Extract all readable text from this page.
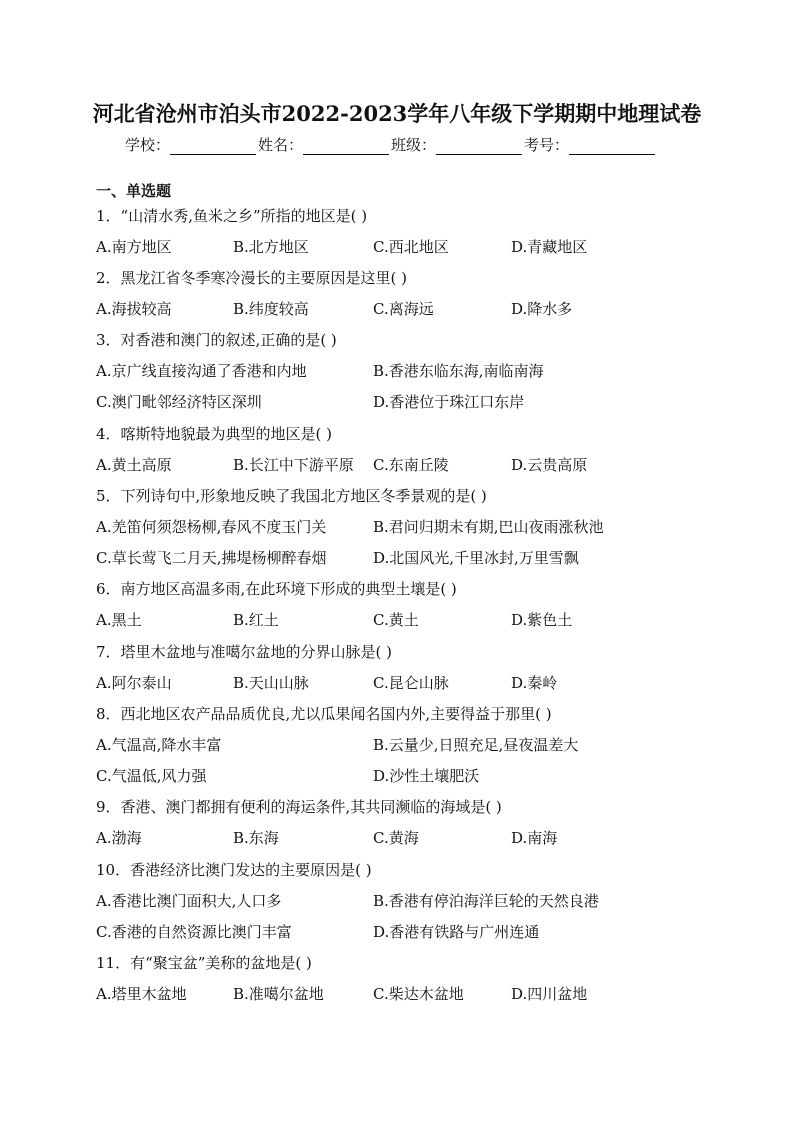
河北省沧州市泊头市2022-2023学年八年级下学期期中地理试卷
学校：	姓名：	班级：	考号：
一、单选题
1．“山清水秀,鱼米之乡”所指的地区是( )
A.南方地区	B.北方地区	C.西北地区	D.青藏地区
2．黑龙江省冬季寒冷漫长的主要原因是这里( )
A.海拔较高	B.纬度较高	C.离海远	D.降水多
3．对香港和澳门的叙述,正确的是( )
A.京广线直接沟通了香港和内地	B.香港东临东海,南临南海
C.澳门毗邻经济特区深圳	D.香港位于珠江口东岸
4．喀斯特地貌最为典型的地区是( )
A.黄土高原	B.长江中下游平原 C.东南丘陵	D.云贵高原
5．下列诗句中,形象地反映了我国北方地区冬季景观的是( )
A.羌笛何须怨杨柳,春风不度玉门关	B.君问归期未有期,巴山夜雨涨秋池
C.草长莺飞二月天,拂堤杨柳醉春烟	D.北国风光,千里冰封,万里雪飘
6．南方地区高温多雨,在此环境下形成的典型土壤是( )
A.黑土	B.红土	C.黄土	D.紫色土
7．塔里木盆地与准噶尔盆地的分界山脉是( )
A.阿尔泰山	B.天山山脉	C.昆仑山脉	D.秦岭
8．西北地区农产品品质优良,尤以瓜果闻名国内外,主要得益于那里( )
A.气温高,降水丰富	B.云量少,日照充足,昼夜温差大
C.气温低,风力强	D.沙性土壤肥沃
9．香港、澳门都拥有便利的海运条件,其共同濒临的海域是( )
A.渤海	B.东海	C.黄海	D.南海
10．香港经济比澳门发达的主要原因是( )
A.香港比澳门面积大,人口多	B.香港有停泊海洋巨轮的天然良港
C.香港的自然资源比澳门丰富	D.香港有铁路与广州连通
11．有“聚宝盆”美称的盆地是( )
A.塔里木盆地	B.准噶尔盆地	C.柴达木盆地	D.四川盆地
